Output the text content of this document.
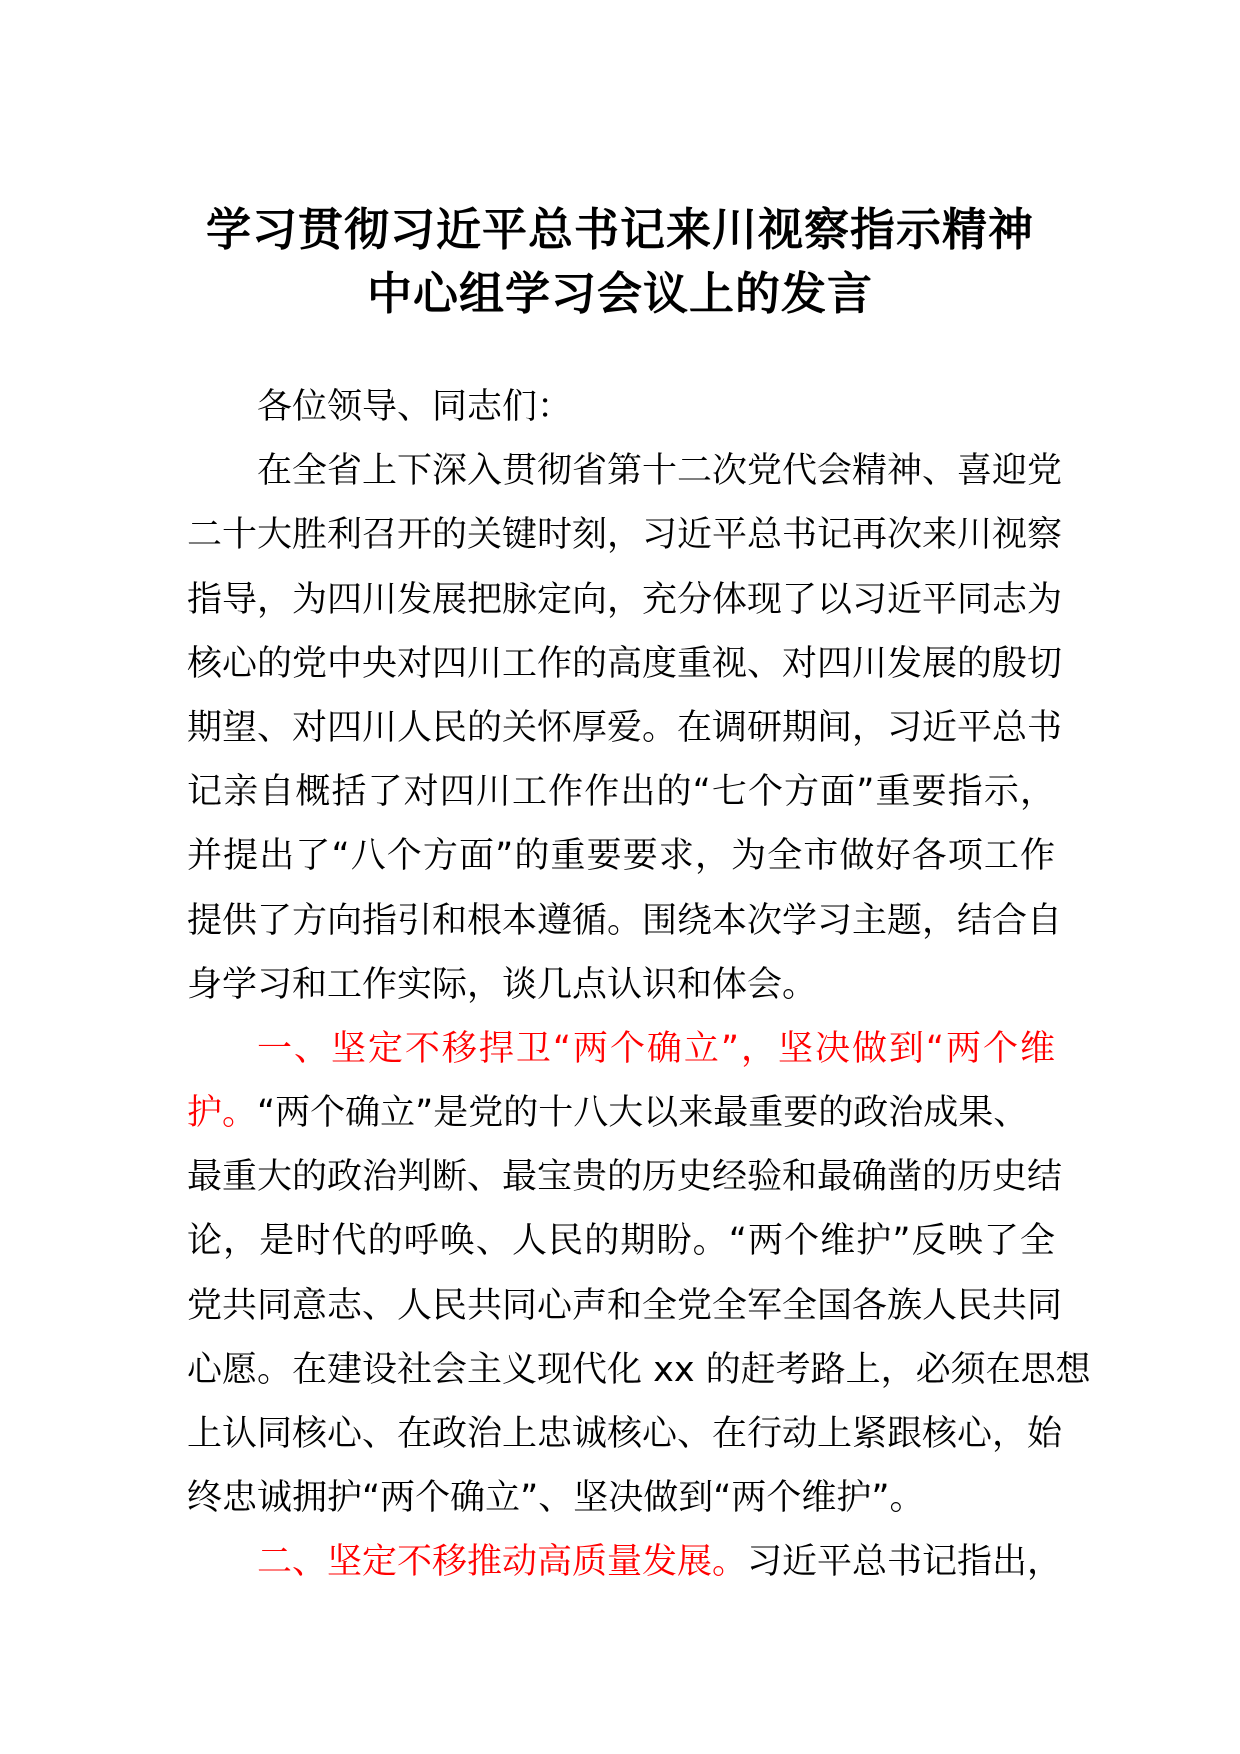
学习贯彻习近平总书记来川视察指示精神
中心组学习会议上的发言
各位领导、同志们：
在全省上下深入贯彻省第十二次党代会精神、喜迎党
二十大胜利召开的关键时刻，习近平总书记再次来川视察
指导，为四川发展把脉定向，充分体现了以习近平同志为
核心的党中央对四川工作的高度重视、对四川发展的殷切
期望、对四川人民的关怀厚爱。在调研期间，习近平总书
记亲自概括了对四川工作作出的“七个方面”重要指示，
并提出了“八个方面”的重要要求，为全市做好各项工作
提供了方向指引和根本遵循。围绕本次学习主题，结合自
身学习和工作实际，谈几点认识和体会。
一、坚定不移捍卫“两个确立”，坚决做到“两个维
护。“两个确立”是党的十八大以来最重要的政治成果、
最重大的政治判断、最宝贵的历史经验和最确凿的历史结
论，是时代的呼唤、人民的期盼。“两个维护”反映了全
党共同意志、人民共同心声和全党全军全国各族人民共同
心愿。在建设社会主义现代化 xx 的赶考路上，必须在思想
上认同核心、在政治上忠诚核心、在行动上紧跟核心，始
终忠诚拥护“两个确立”、坚决做到“两个维护”。
二、坚定不移推动高质量发展。习近平总书记指出，
